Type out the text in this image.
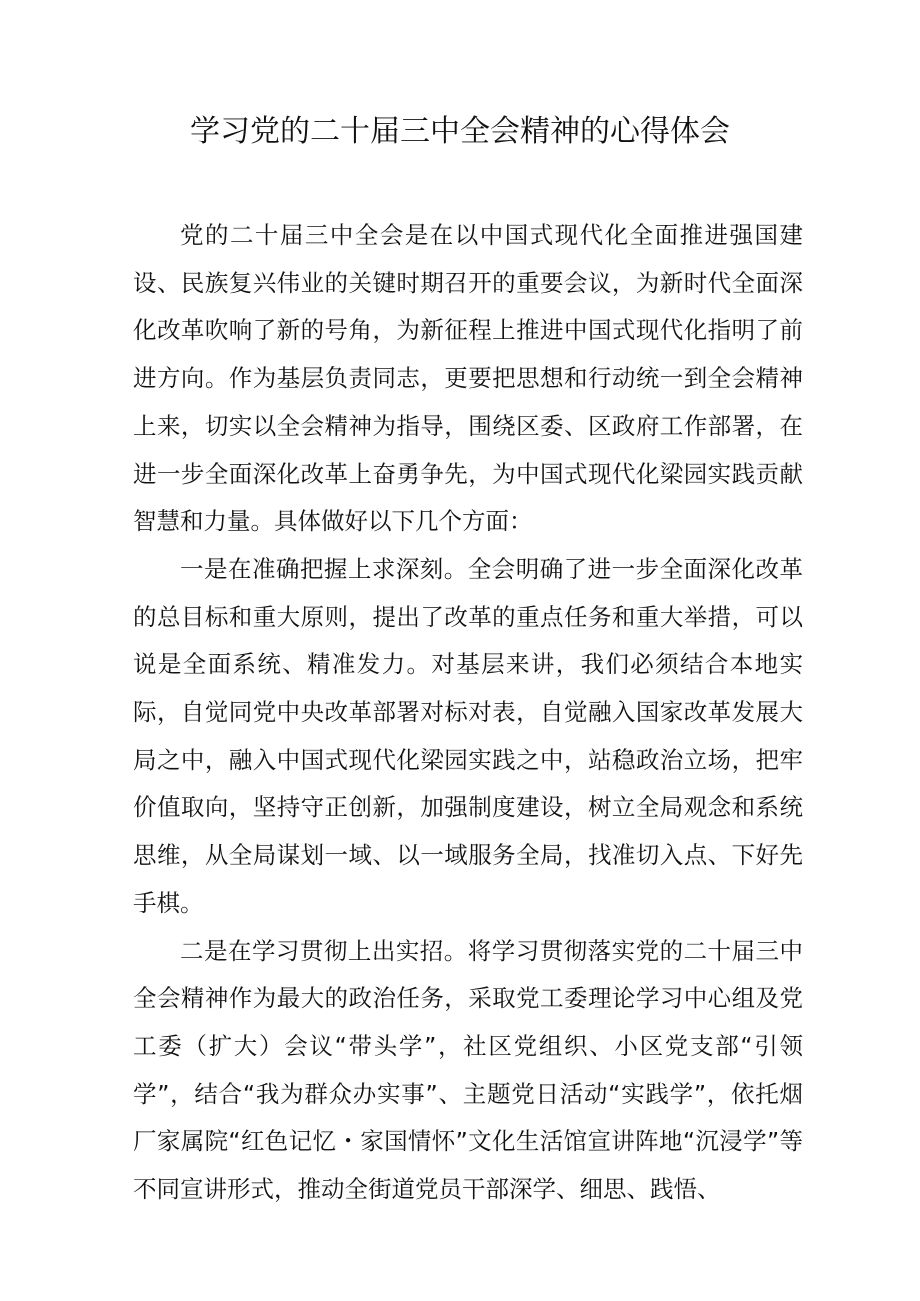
学习党的二十届三中全会精神的心得体会

党的二十届三中全会是在以中国式现代化全面推进强国建设、民族复兴伟业的关键时期召开的重要会议，为新时代全面深化改革吹响了新的号角，为新征程上推进中国式现代化指明了前进方向。作为基层负责同志，更要把思想和行动统一到全会精神上来，切实以全会精神为指导，围绕区委、区政府工作部署，在进一步全面深化改革上奋勇争先，为中国式现代化梁园实践贡献智慧和力量。具体做好以下几个方面：

一是在准确把握上求深刻。全会明确了进一步全面深化改革的总目标和重大原则，提出了改革的重点任务和重大举措，可以说是全面系统、精准发力。对基层来讲，我们必须结合本地实际，自觉同党中央改革部署对标对表，自觉融入国家改革发展大局之中，融入中国式现代化梁园实践之中，站稳政治立场，把牢价值取向，坚持守正创新，加强制度建设，树立全局观念和系统思维，从全局谋划一域、以一域服务全局，找准切入点、下好先手棋。

二是在学习贯彻上出实招。将学习贯彻落实党的二十届三中全会精神作为最大的政治任务，采取党工委理论学习中心组及党工委（扩大）会议“带头学”，社区党组织、小区党支部“引领学”，结合“我为群众办实事”、主题党日活动“实践学”，依托烟厂家属院“红色记忆・家国情怀”文化生活馆宣讲阵地“沉浸学”等不同宣讲形式，推动全街道党员干部深学、细思、践悟、
